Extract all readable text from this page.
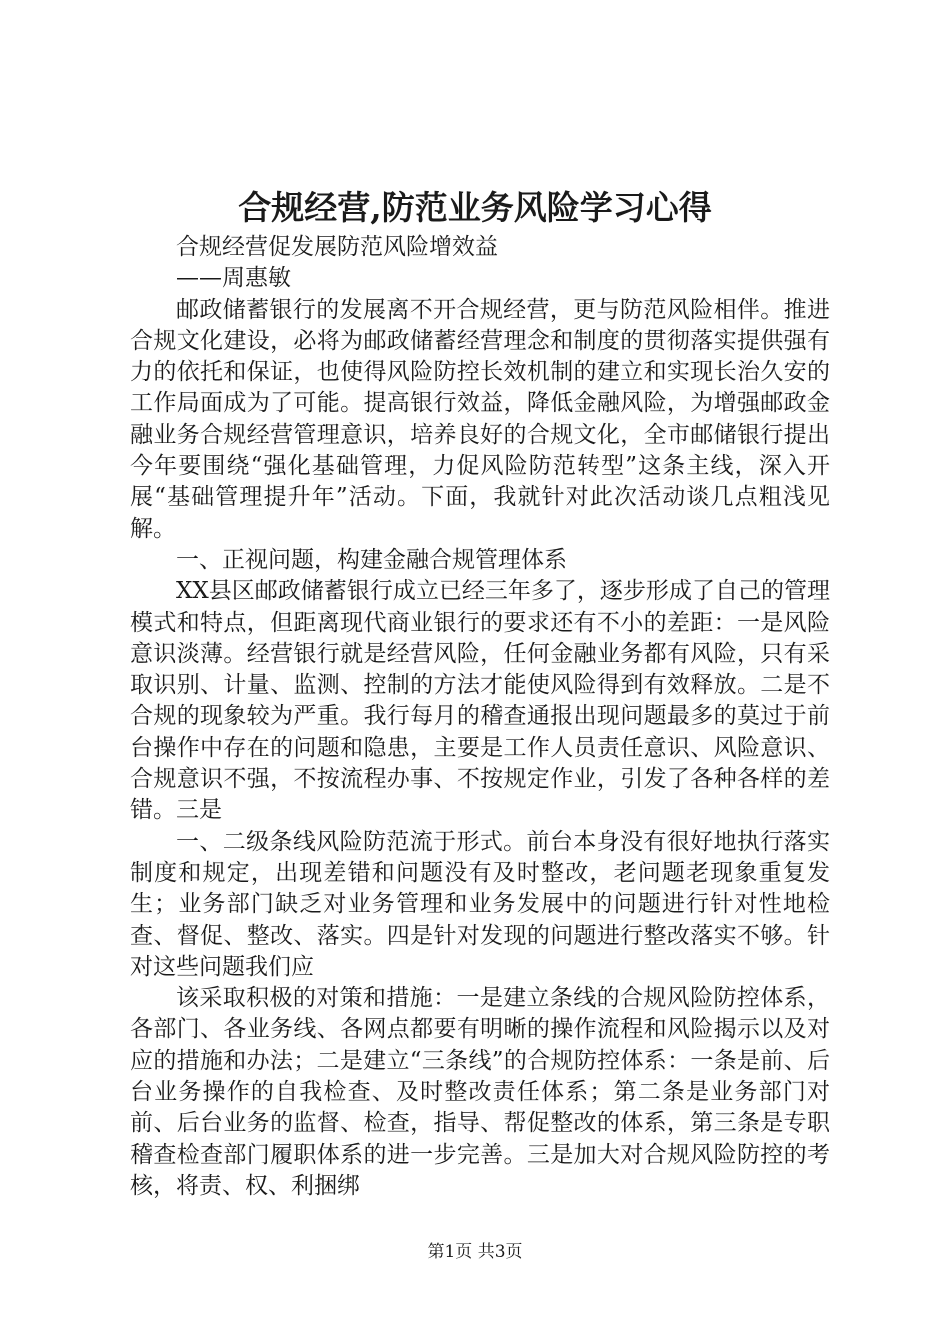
合规经营,防范业务风险学习心得

合规经营促发展防范风险增效益

——周惠敏

邮政储蓄银行的发展离不开合规经营，更与防范风险相伴。推进合规文化建设，必将为邮政储蓄经营理念和制度的贯彻落实提供强有力的依托和保证，也使得风险防控长效机制的建立和实现长治久安的工作局面成为了可能。提高银行效益，降低金融风险，为增强邮政金融业务合规经营管理意识，培养良好的合规文化，全市邮储银行提出今年要围绕“强化基础管理，力促风险防范转型”这条主线，深入开展“基础管理提升年”活动。下面，我就针对此次活动谈几点粗浅见解。

一、正视问题，构建金融合规管理体系

XX县区邮政储蓄银行成立已经三年多了，逐步形成了自己的管理模式和特点，但距离现代商业银行的要求还有不小的差距：一是风险意识淡薄。经营银行就是经营风险，任何金融业务都有风险，只有采取识别、计量、监测、控制的方法才能使风险得到有效释放。二是不合规的现象较为严重。我行每月的稽查通报出现问题最多的莫过于前台操作中存在的问题和隐患，主要是工作人员责任意识、风险意识、合规意识不强，不按流程办事、不按规定作业，引发了各种各样的差错。三是

一、二级条线风险防范流于形式。前台本身没有很好地执行落实制度和规定，出现差错和问题没有及时整改，老问题老现象重复发生；业务部门缺乏对业务管理和业务发展中的问题进行针对性地检查、督促、整改、落实。四是针对发现的问题进行整改落实不够。针对这些问题我们应

该采取积极的对策和措施：一是建立条线的合规风险防控体系，各部门、各业务线、各网点都要有明晰的操作流程和风险揭示以及对应的措施和办法；二是建立“三条线”的合规防控体系：一条是前、后台业务操作的自我检查、及时整改责任体系；第二条是业务部门对前、后台业务的监督、检查，指导、帮促整改的体系，第三条是专职稽查检查部门履职体系的进一步完善。三是加大对合规风险防控的考核，将责、权、利捆绑

第1页 共3页
